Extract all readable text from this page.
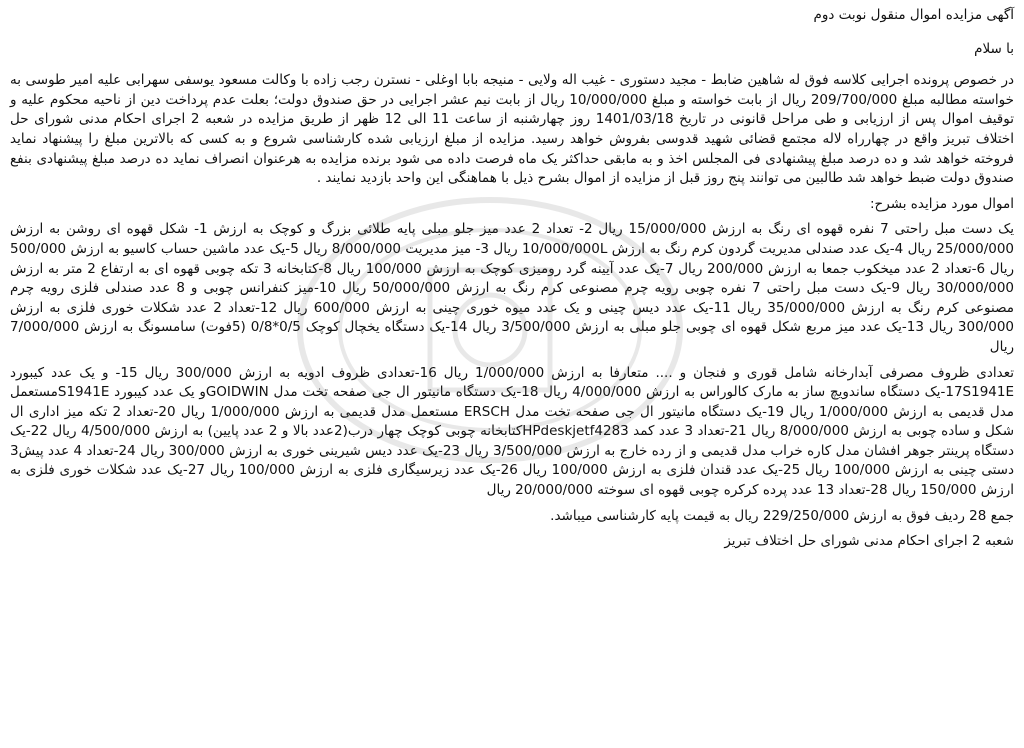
آگهی مزایده اموال منقول نوبت دوم

با سلام

در خصوص پرونده اجرایی کلاسه فوق له شاهین ضابط - مجید دستوری - غیب اله ولایی - منیجه بابا اوغلی - نسترن رجب زاده با وکالت مسعود یوسفی سهرابی علیه امیر طوسی به خواسته مطالبه مبلغ 209/700/000 ریال از بابت خواسته و مبلغ 10/000/000 ریال از بابت نیم عشر اجرایی در حق صندوق دولت؛ بعلت عدم پرداخت دین از ناحیه محکوم علیه و توقیف اموال پس از ارزیابی و طی مراحل قانونی در تاریخ 1401/03/18 روز چهارشنبه از ساعت 11 الی 12 ظهر از طریق مزایده در شعبه 2 اجرای احکام مدنی شورای حل اختلاف تبریز واقع در چهارراه لاله مجتمع قضائی شهید قدوسی بفروش خواهد رسید. مزایده از مبلغ ارزیابی شده کارشناسی شروع و به کسی که بالاترین مبلغ را پیشنهاد نماید فروخته خواهد شد و ده درصد مبلغ پیشنهادی فی المجلس اخذ و به مابقی حداکثر یک ماه فرصت داده می شود برنده مزایده به هرعنوان انصراف نماید ده درصد مبلغ پیشنهادی بنفع صندوق دولت ضبط خواهد شد طالبین می توانند پنج روز قبل از مزایده از اموال بشرح ذیل با هماهنگی این واحد بازدید نمایند .

اموال مورد مزایده بشرح:

یک دست مبل راحتی 7 نفره قهوه ای رنگ به ارزش 15/000/000 ریال 2- تعداد 2 عدد میز جلو مبلی پایه طلائی بزرگ و کوچک به ارزش 1- شکل قهوه ای روشن به ارزش 25/000/000 ریال 4-یک عدد صندلی مدیریت گردون کرم رنگ به ارزش 10/000/000L ریال 3- میز مدیریت 8/000/000 ریال 5-یک عدد ماشین حساب کاسیو به ارزش 500/000 ریال 6-تعداد 2 عدد میخکوب جمعا به ارزش 200/000 ریال 7-یک عدد آیینه گرد رومیزی کوچک به ارزش 100/000 ریال 8-کتابخانه 3 تکه چوبی قهوه ای به ارتفاع 2 متر به ارزش 30/000/000 ریال 9-یک دست مبل راحتی 7 نفره چوبی رویه چرم مصنوعی کرم رنگ به ارزش 50/000/000 ریال 10-میز کنفرانس چوبی و 8 عدد صندلی فلزی رویه چرم مصنوعی کرم رنگ به ارزش 35/000/000 ریال 11-یک عدد دیس چینی و یک عدد میوه خوری چینی به ارزش 600/000 ریال 12-تعداد 2 عدد شکلات خوری فلزی به ارزش 300/000 ریال 13-یک عدد میز مربع شکل قهوه ای چوبی جلو مبلی به ارزش 3/500/000 ریال 14-یک دستگاه یخچال کوچک 0/5*0/8 (5فوت) سامسونگ به ارزش 7/000/000 ریال

تعدادی ظروف مصرفی آبدارخانه شامل قوری و فنجان و .... متعارفا به ارزش 1/000/000 ریال 16-تعدادی ظروف ادویه به ارزش 300/000 ریال 15- و یک عدد کیبورد 17S1941E-یک دستگاه ساندویچ ساز به مارک کالوراس به ارزش 4/000/000 ریال 18-یک دستگاه مانیتور ال جی صفحه تخت مدل GOIDWINو یک عدد کیبورد S1941Eمستعمل مدل قدیمی به ارزش 1/000/000 ریال 19-یک دستگاه مانیتور ال جی صفحه تخت مدل ERSCH مستعمل مدل قدیمی به ارزش 1/000/000 ریال 20-تعداد 2 تکه میز اداری ال شکل و ساده چوبی به ارزش 8/000/000 ریال 21-تعداد 3 عدد کمد HPdeskjetf4283کتابخانه چوبی کوچک چهار درب(2عدد بالا و 2 عدد پایین) به ارزش 4/500/000 ریال 22-یک دستگاه پرینتر جوهر افشان مدل کاره خراب مدل قدیمی و از رده خارج به ارزش 3/500/000 ریال 23-یک عدد دیس شیرینی خوری به ارزش 300/000 ریال 24-تعداد 4 عدد پیش3 دستی چینی به ارزش 100/000 ریال 25-یک عدد قندان فلزی به ارزش 100/000 ریال 26-یک عدد زیرسیگاری فلزی به ارزش 100/000 ریال 27-یک عدد شکلات خوری فلزی به ارزش 150/000 ریال 28-تعداد 13 عدد پرده کرکره چوبی قهوه ای سوخته 20/000/000 ریال

جمع 28 ردیف فوق به ارزش 229/250/000 ریال به قیمت پایه کارشناسی میباشد.

شعبه 2 اجرای احکام مدنی شورای حل اختلاف تبریز
